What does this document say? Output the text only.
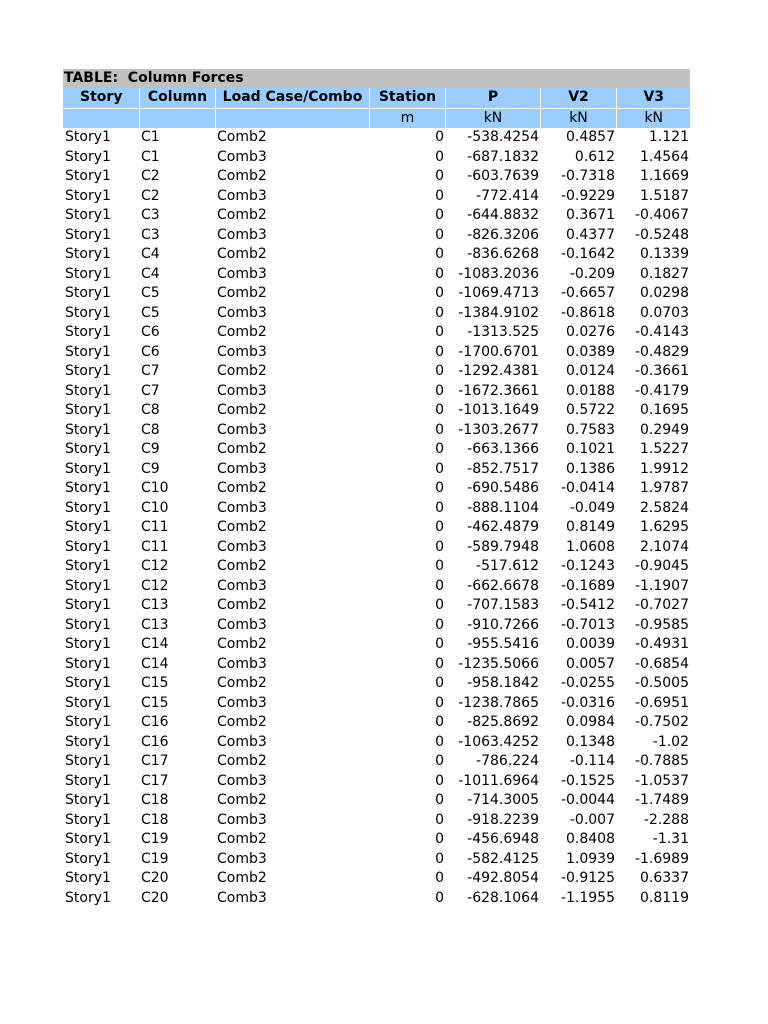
TABLE:  Column Forces
Story	Column	Load Case/Combo	Station	P	V2	V3
			m	kN	kN	kN
Story1	C1	Comb2	0	-538.4254	0.4857	1.121
Story1	C1	Comb3	0	-687.1832	0.612	1.4564
Story1	C2	Comb2	0	-603.7639	-0.7318	1.1669
Story1	C2	Comb3	0	-772.414	-0.9229	1.5187
Story1	C3	Comb2	0	-644.8832	0.3671	-0.4067
Story1	C3	Comb3	0	-826.3206	0.4377	-0.5248
Story1	C4	Comb2	0	-836.6268	-0.1642	0.1339
Story1	C4	Comb3	0	-1083.2036	-0.209	0.1827
Story1	C5	Comb2	0	-1069.4713	-0.6657	0.0298
Story1	C5	Comb3	0	-1384.9102	-0.8618	0.0703
Story1	C6	Comb2	0	-1313.525	0.0276	-0.4143
Story1	C6	Comb3	0	-1700.6701	0.0389	-0.4829
Story1	C7	Comb2	0	-1292.4381	0.0124	-0.3661
Story1	C7	Comb3	0	-1672.3661	0.0188	-0.4179
Story1	C8	Comb2	0	-1013.1649	0.5722	0.1695
Story1	C8	Comb3	0	-1303.2677	0.7583	0.2949
Story1	C9	Comb2	0	-663.1366	0.1021	1.5227
Story1	C9	Comb3	0	-852.7517	0.1386	1.9912
Story1	C10	Comb2	0	-690.5486	-0.0414	1.9787
Story1	C10	Comb3	0	-888.1104	-0.049	2.5824
Story1	C11	Comb2	0	-462.4879	0.8149	1.6295
Story1	C11	Comb3	0	-589.7948	1.0608	2.1074
Story1	C12	Comb2	0	-517.612	-0.1243	-0.9045
Story1	C12	Comb3	0	-662.6678	-0.1689	-1.1907
Story1	C13	Comb2	0	-707.1583	-0.5412	-0.7027
Story1	C13	Comb3	0	-910.7266	-0.7013	-0.9585
Story1	C14	Comb2	0	-955.5416	0.0039	-0.4931
Story1	C14	Comb3	0	-1235.5066	0.0057	-0.6854
Story1	C15	Comb2	0	-958.1842	-0.0255	-0.5005
Story1	C15	Comb3	0	-1238.7865	-0.0316	-0.6951
Story1	C16	Comb2	0	-825.8692	0.0984	-0.7502
Story1	C16	Comb3	0	-1063.4252	0.1348	-1.02
Story1	C17	Comb2	0	-786.224	-0.114	-0.7885
Story1	C17	Comb3	0	-1011.6964	-0.1525	-1.0537
Story1	C18	Comb2	0	-714.3005	-0.0044	-1.7489
Story1	C18	Comb3	0	-918.2239	-0.007	-2.288
Story1	C19	Comb2	0	-456.6948	0.8408	-1.31
Story1	C19	Comb3	0	-582.4125	1.0939	-1.6989
Story1	C20	Comb2	0	-492.8054	-0.9125	0.6337
Story1	C20	Comb3	0	-628.1064	-1.1955	0.8119
